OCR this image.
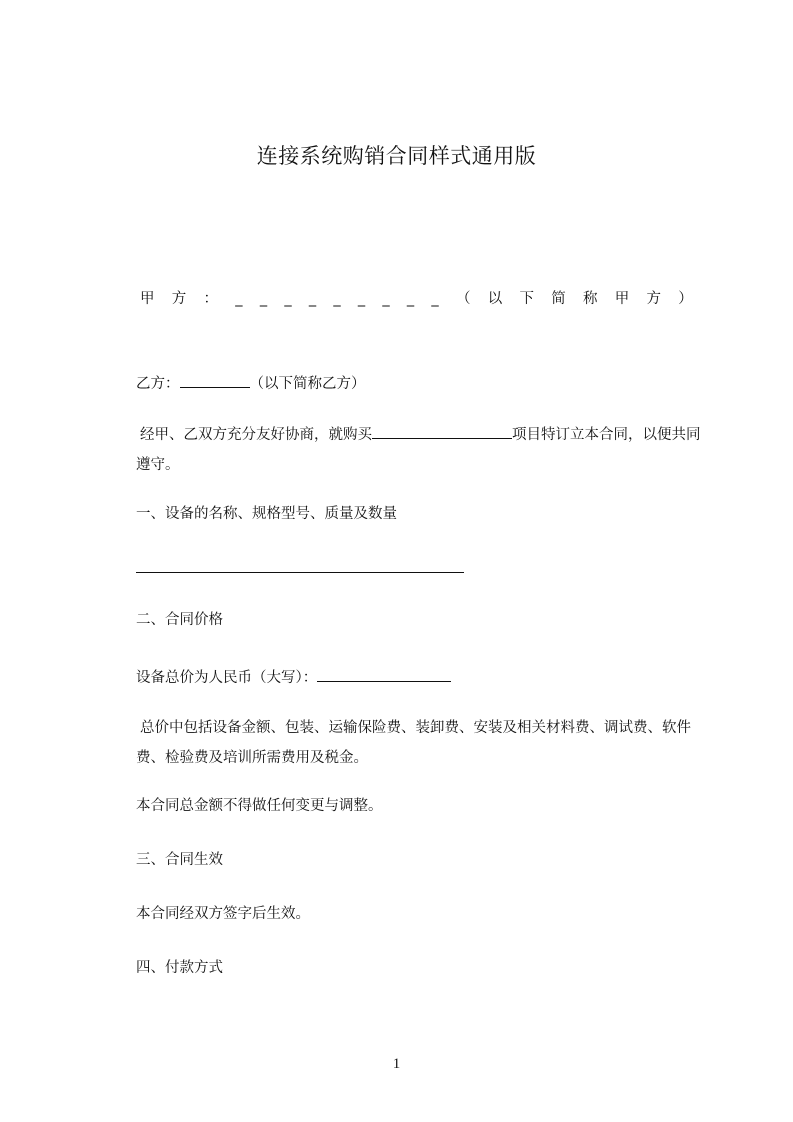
连接系统购销合同样式通用版
甲 方 ： _ _ _ _ _ _ _ _ _ （ 以 下 简 称 甲 方 ）
乙方：	（以下简称乙方）
经甲、乙双方充分友好协商，就购买	项目特订立本合同，以便共同遵守。
一、设备的名称、规格型号、质量及数量
二、合同价格
设备总价为人民币（大写）：
总价中包括设备金额、包装、运输保险费、装卸费、安装及相关材料费、调试费、软件费、检验费及培训所需费用及税金。
本合同总金额不得做任何变更与调整。
三、合同生效
本合同经双方签字后生效。
四、付款方式
1
